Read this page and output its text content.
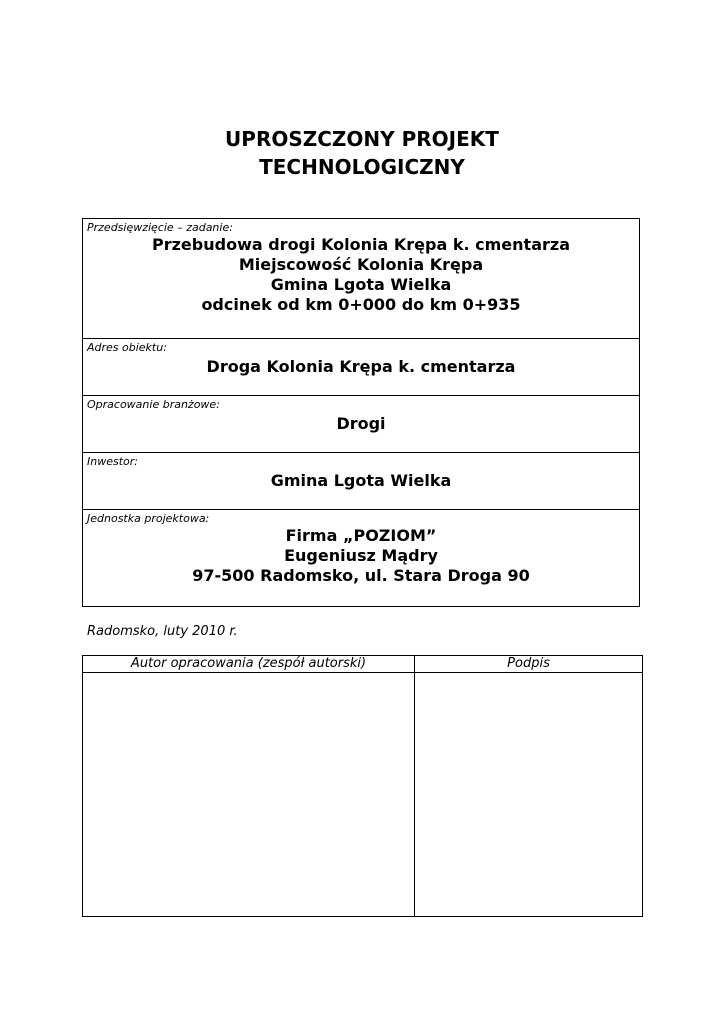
UPROSZCZONY PROJEKT
TECHNOLOGICZNY
Przedsięwzięcie – zadanie:
Przebudowa drogi Kolonia Krępa k. cmentarza
Miejscowość Kolonia Krępa
Gmina Lgota Wielka
odcinek od km 0+000 do km 0+935
Adres obiektu:
Droga Kolonia Krępa k. cmentarza
Opracowanie branżowe:
Drogi
Inwestor:
Gmina Lgota Wielka
Jednostka projektowa:
Firma „POZIOM”
Eugeniusz Mądry
97-500 Radomsko, ul. Stara Droga 90
Radomsko, luty 2010 r.
Autor opracowania (zespół autorski)	Podpis
